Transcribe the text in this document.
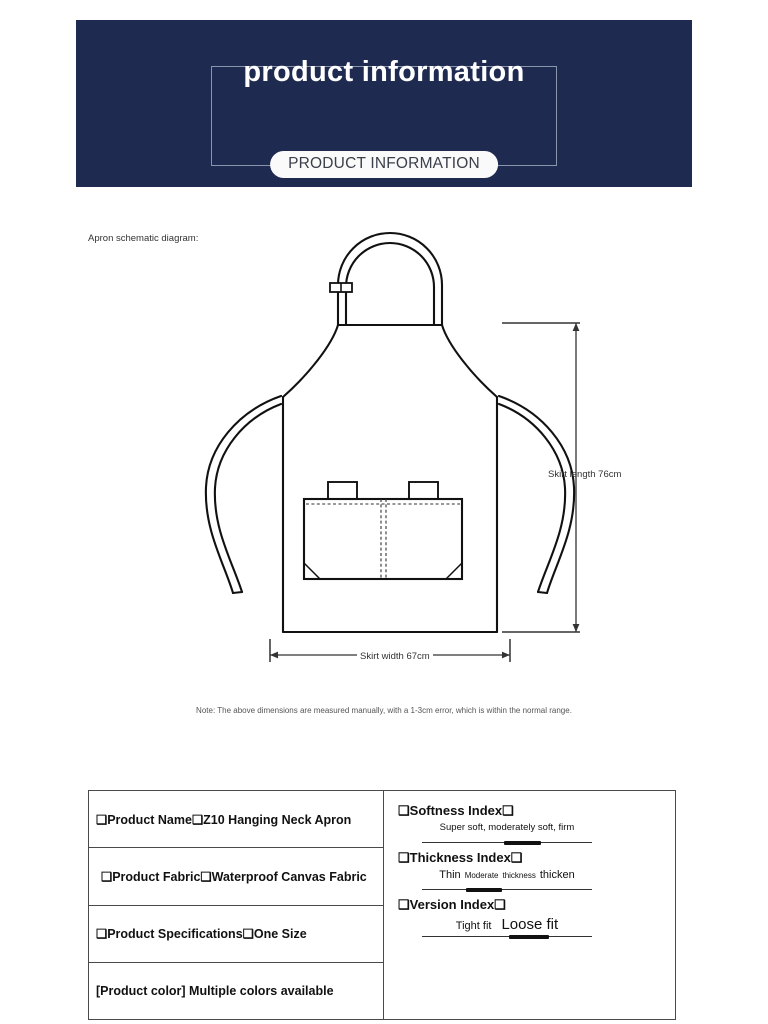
product information
PRODUCT INFORMATION
Apron schematic diagram:
Skirt length 76cm
Skirt width 67cm
Note: The above dimensions are measured manually, with a 1-3cm error, which is within the normal range.
❑Product Name❑Z10 Hanging Neck Apron
❑Product Fabric❑Waterproof Canvas Fabric
❑Product Specifications❑One Size
[Product color] Multiple colors available
❑Softness Index❑
Super soft, moderately soft, firm
❑Thickness Index❑
Thin Moderate thickness thicken
❑Version Index❑
Tight fit Loose fit
